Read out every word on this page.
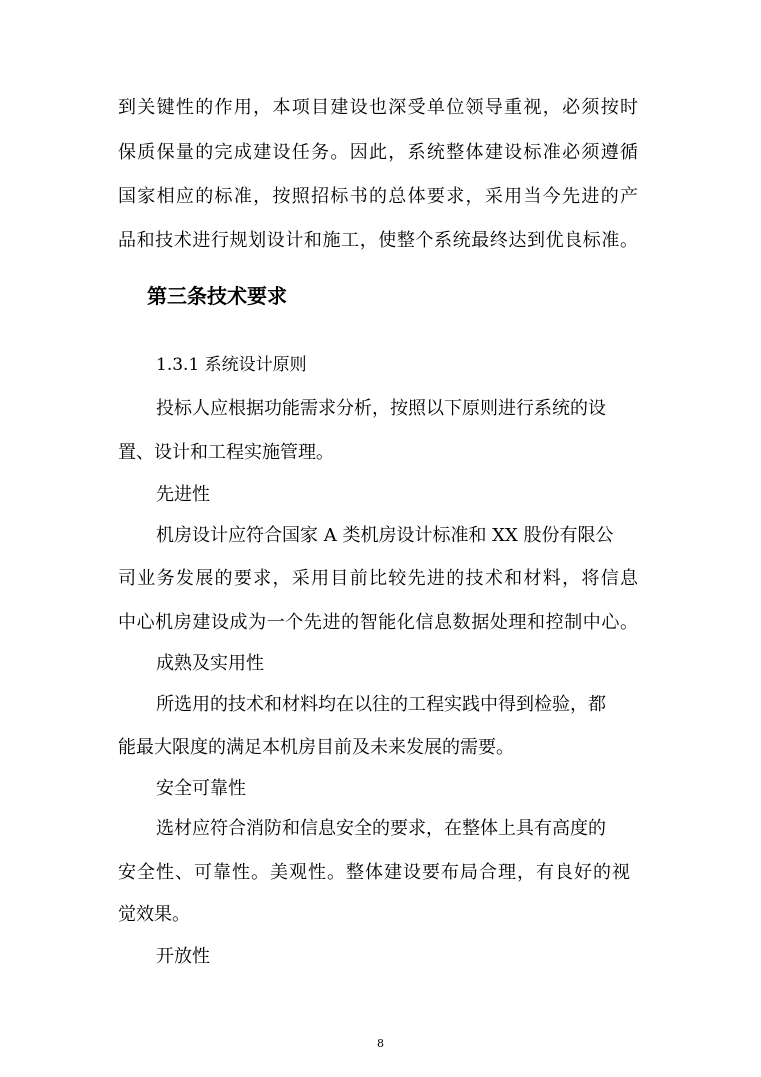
到关键性的作用，本项目建设也深受单位领导重视，必须按时
保质保量的完成建设任务。因此，系统整体建设标准必须遵循
国家相应的标准，按照招标书的总体要求，采用当今先进的产
品和技术进行规划设计和施工，使整个系统最终达到优良标准。
第三条技术要求
1.3.1 系统设计原则
投标人应根据功能需求分析，按照以下原则进行系统的设
置、设计和工程实施管理。
先进性
机房设计应符合国家 A 类机房设计标准和 XX 股份有限公
司业务发展的要求，采用目前比较先进的技术和材料，将信息
中心机房建设成为一个先进的智能化信息数据处理和控制中心。
成熟及实用性
所选用的技术和材料均在以往的工程实践中得到检验，都
能最大限度的满足本机房目前及未来发展的需要。
安全可靠性
选材应符合消防和信息安全的要求，在整体上具有高度的
安全性、可靠性。美观性。整体建设要布局合理，有良好的视
觉效果。
开放性
8
